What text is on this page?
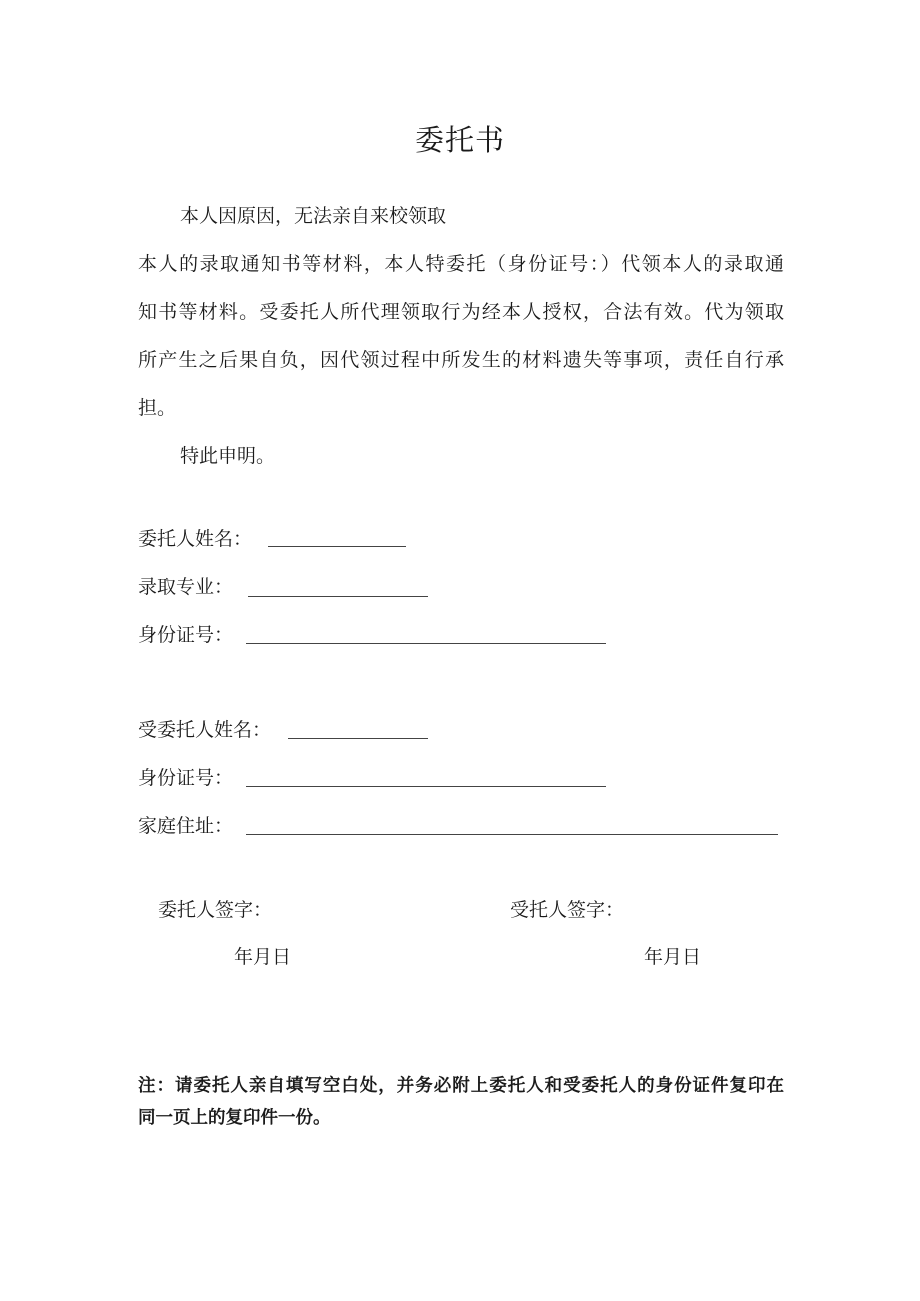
委托书
本人因原因，无法亲自来校领取
本人的录取通知书等材料，本人特委托（身份证号：）代领本人的录取通
知书等材料。受委托人所代理领取行为经本人授权，合法有效。代为领取
所产生之后果自负，因代领过程中所发生的材料遗失等事项，责任自行承
担。
特此申明。
委托人姓名：
录取专业：
身份证号：
受委托人姓名：
身份证号：
家庭住址：
委托人签字：	受托人签字：
年月日	年月日
注：请委托人亲自填写空白处，并务必附上委托人和受委托人的身份证件复印在
同一页上的复印件一份。
